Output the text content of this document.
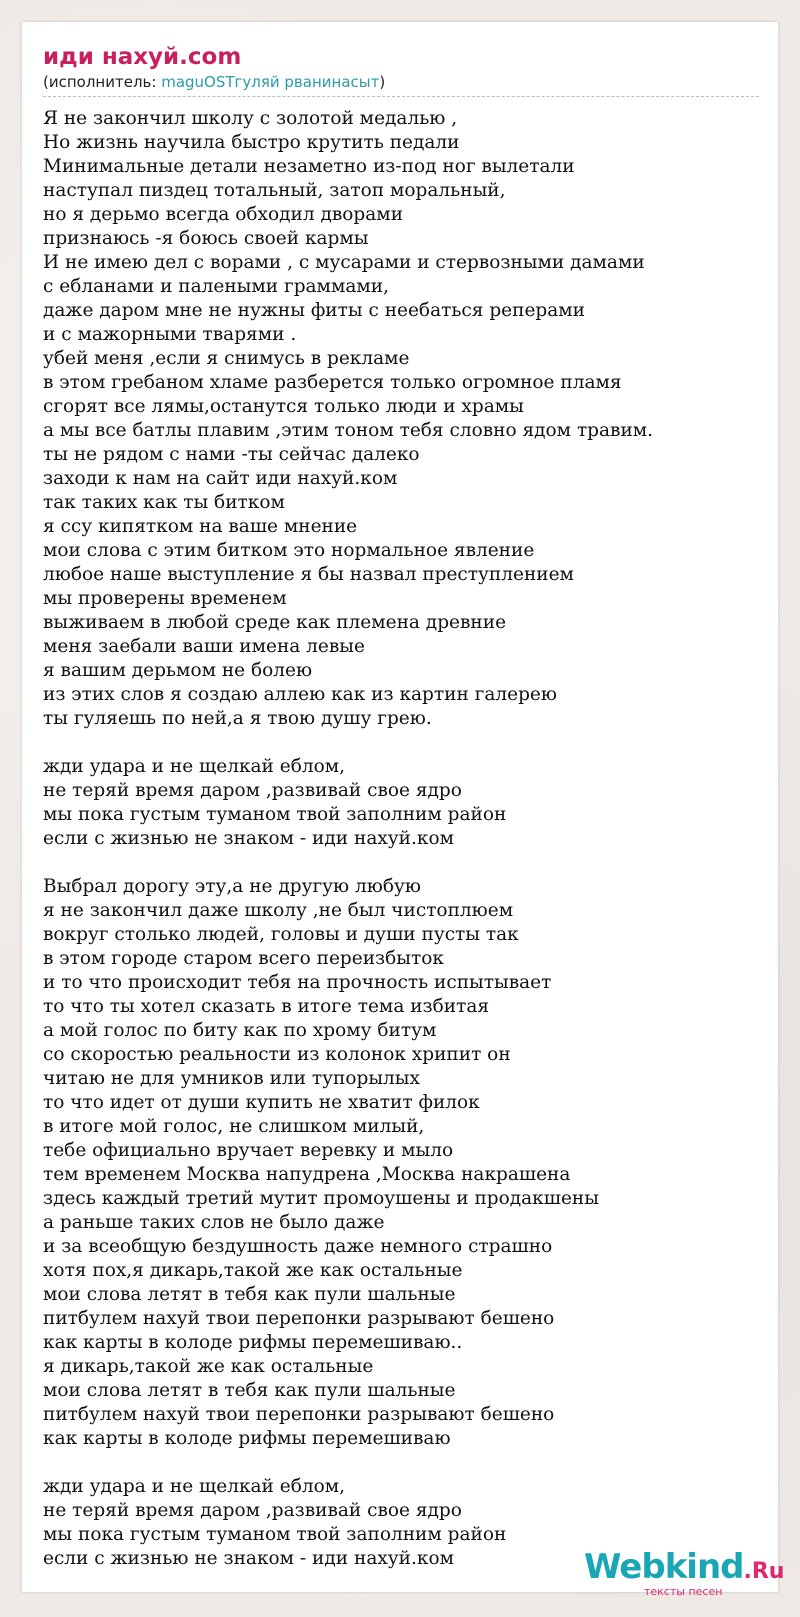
иди нахуй.com
(исполнитель: maguOSTгуляй рванинасыт)
Я не закончил школу с золотой медалью ,
Но жизнь научила быстро крутить педали
Минимальные детали незаметно из-под ног вылетали
наступал пиздец тотальный, затоп моральный,
но я дерьмо всегда обходил дворами
признаюсь -я боюсь своей кармы
И не имею дел с ворами , с мусарами и стервозными дамами
с ебланами и палеными граммами,
даже даром мне не нужны фиты с неебаться реперами
и с мажорными тварями .
убей меня ,если я снимусь в рекламе
в этом гребаном хламе разберется только огромное пламя
сгорят все лямы,останутся только люди и храмы
а мы все батлы плавим ,этим тоном тебя словно ядом травим.
ты не рядом с нами -ты сейчас далеко
заходи к нам на сайт иди нахуй.ком
так таких как ты битком
я ссу кипятком на ваше мнение
мои слова с этим битком это нормальное явление
любое наше выступление я бы назвал преступлением
мы проверены временем
выживаем в любой среде как племена древние
меня заебали ваши имена левые
я вашим дерьмом не болею
из этих слов я создаю аллею как из картин галерею
ты гуляешь по ней,а я твою душу грею.
жди удара и не щелкай еблом,
не теряй время даром ,развивай свое ядро
мы пока густым туманом твой заполним район
если с жизнью не знаком - иди нахуй.ком
Выбрал дорогу эту,а не другую любую
я не закончил даже школу ,не был чистоплюем
вокруг столько людей, головы и души пусты так
в этом городе старом всего переизбыток
и то что происходит тебя на прочность испытывает
то что ты хотел сказать в итоге тема избитая
а мой голос по биту как по хрому битум
со скоростью реальности из колонок хрипит он
читаю не для умников или тупорылых
то что идет от души купить не хватит филок
в итоге мой голос, не слишком милый,
тебе официально вручает веревку и мыло
тем временем Москва напудрена ,Москва накрашена
здесь каждый третий мутит промоушены и продакшены
а раньше таких слов не было даже
и за всеобщую бездушность даже немного страшно
хотя пох,я дикарь,такой же как остальные
мои слова летят в тебя как пули шальные
питбулем нахуй твои перепонки разрывают бешено
как карты в колоде рифмы перемешиваю..
я дикарь,такой же как остальные
мои слова летят в тебя как пули шальные
питбулем нахуй твои перепонки разрывают бешено
как карты в колоде рифмы перемешиваю
жди удара и не щелкай еблом,
не теряй время даром ,развивай свое ядро
мы пока густым туманом твой заполним район
если с жизнью не знаком - иди нахуй.ком	Webkind.Ru
тексты песен
